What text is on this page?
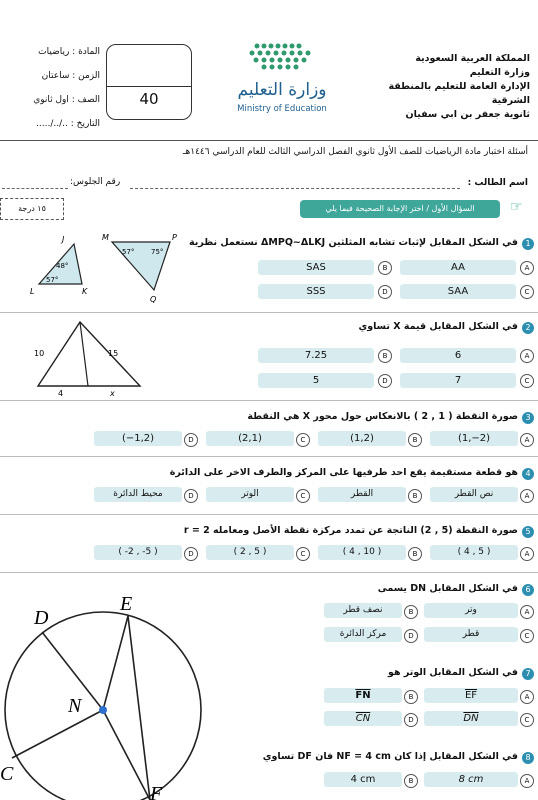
المملكة العربية السعودية
وزارة التعليم
الإدارة العامة للتعليم بالمنطقة الشرقية
ثانوية جعفر بن ابي سفيان
وزارة التعليم
Ministry of Education
40
المادة : رياضيات
الزمن : ساعتان
الصف : اول ثانوي
التاريخ : ../../.....
أسئلة اختبار مادة الرياضيات للصف الأول ثانوي الفصل الدراسي الثالث للعام الدراسي ١٤٤٦هـ
اسم الطالب :
رقم الجلوس:
السؤال الأول / اختر الإجابة الصحيحة فيما يلي	☞
١٥ درجة
1
في الشكل المقابل لإثبات تشابه المثلثين ΔMPQ~ΔLKJ نستعمل نظرية
J
L	K
48°
57°
M	P
Q
57° 75°
A
AA
B
SAS
C
SAA
D
SSS
2
في الشكل المقابل قيمة X تساوي
10	15
4	x
A
6
B
7.25
C
7
D
5
3
صورة النقطة ( 1 , 2 ) بالانعكاس حول محور X هي النقطة
A
(1,−2)
B
(1,2)
C
(2,1)
D
(−1,2)
4
هو قطعة مستقيمة يقع احد طرفيها على المركز والطرف الاخر على الدائرة
A
نص القطر
B
القطر
C
الوتر
D
محيط الدائرة
5
صورة النقطة (5 , 2) الناتجة عن تمدد مركزة نقطة الأصل ومعامله r = 2
A
( 4 , 5 )
B
( 4 , 10 )
C
( 2 , 5 )
D
( -2 , -5 )
D
E
N
C
F
6
في الشكل المقابل DN يسمى
A
وتر
B
نصف قطر
C
قطر
D
مركز الدائرة
7
في الشكل المقابل الوتر هو
A
$\overline{EF}$
B
$\overline{FN}$
C
$\overline{DN}$
D
$\overline{CN}$
8
في الشكل المقابل إذا كان NF = 4 cm فان DF تساوي
A
8 cm
B
4 cm
